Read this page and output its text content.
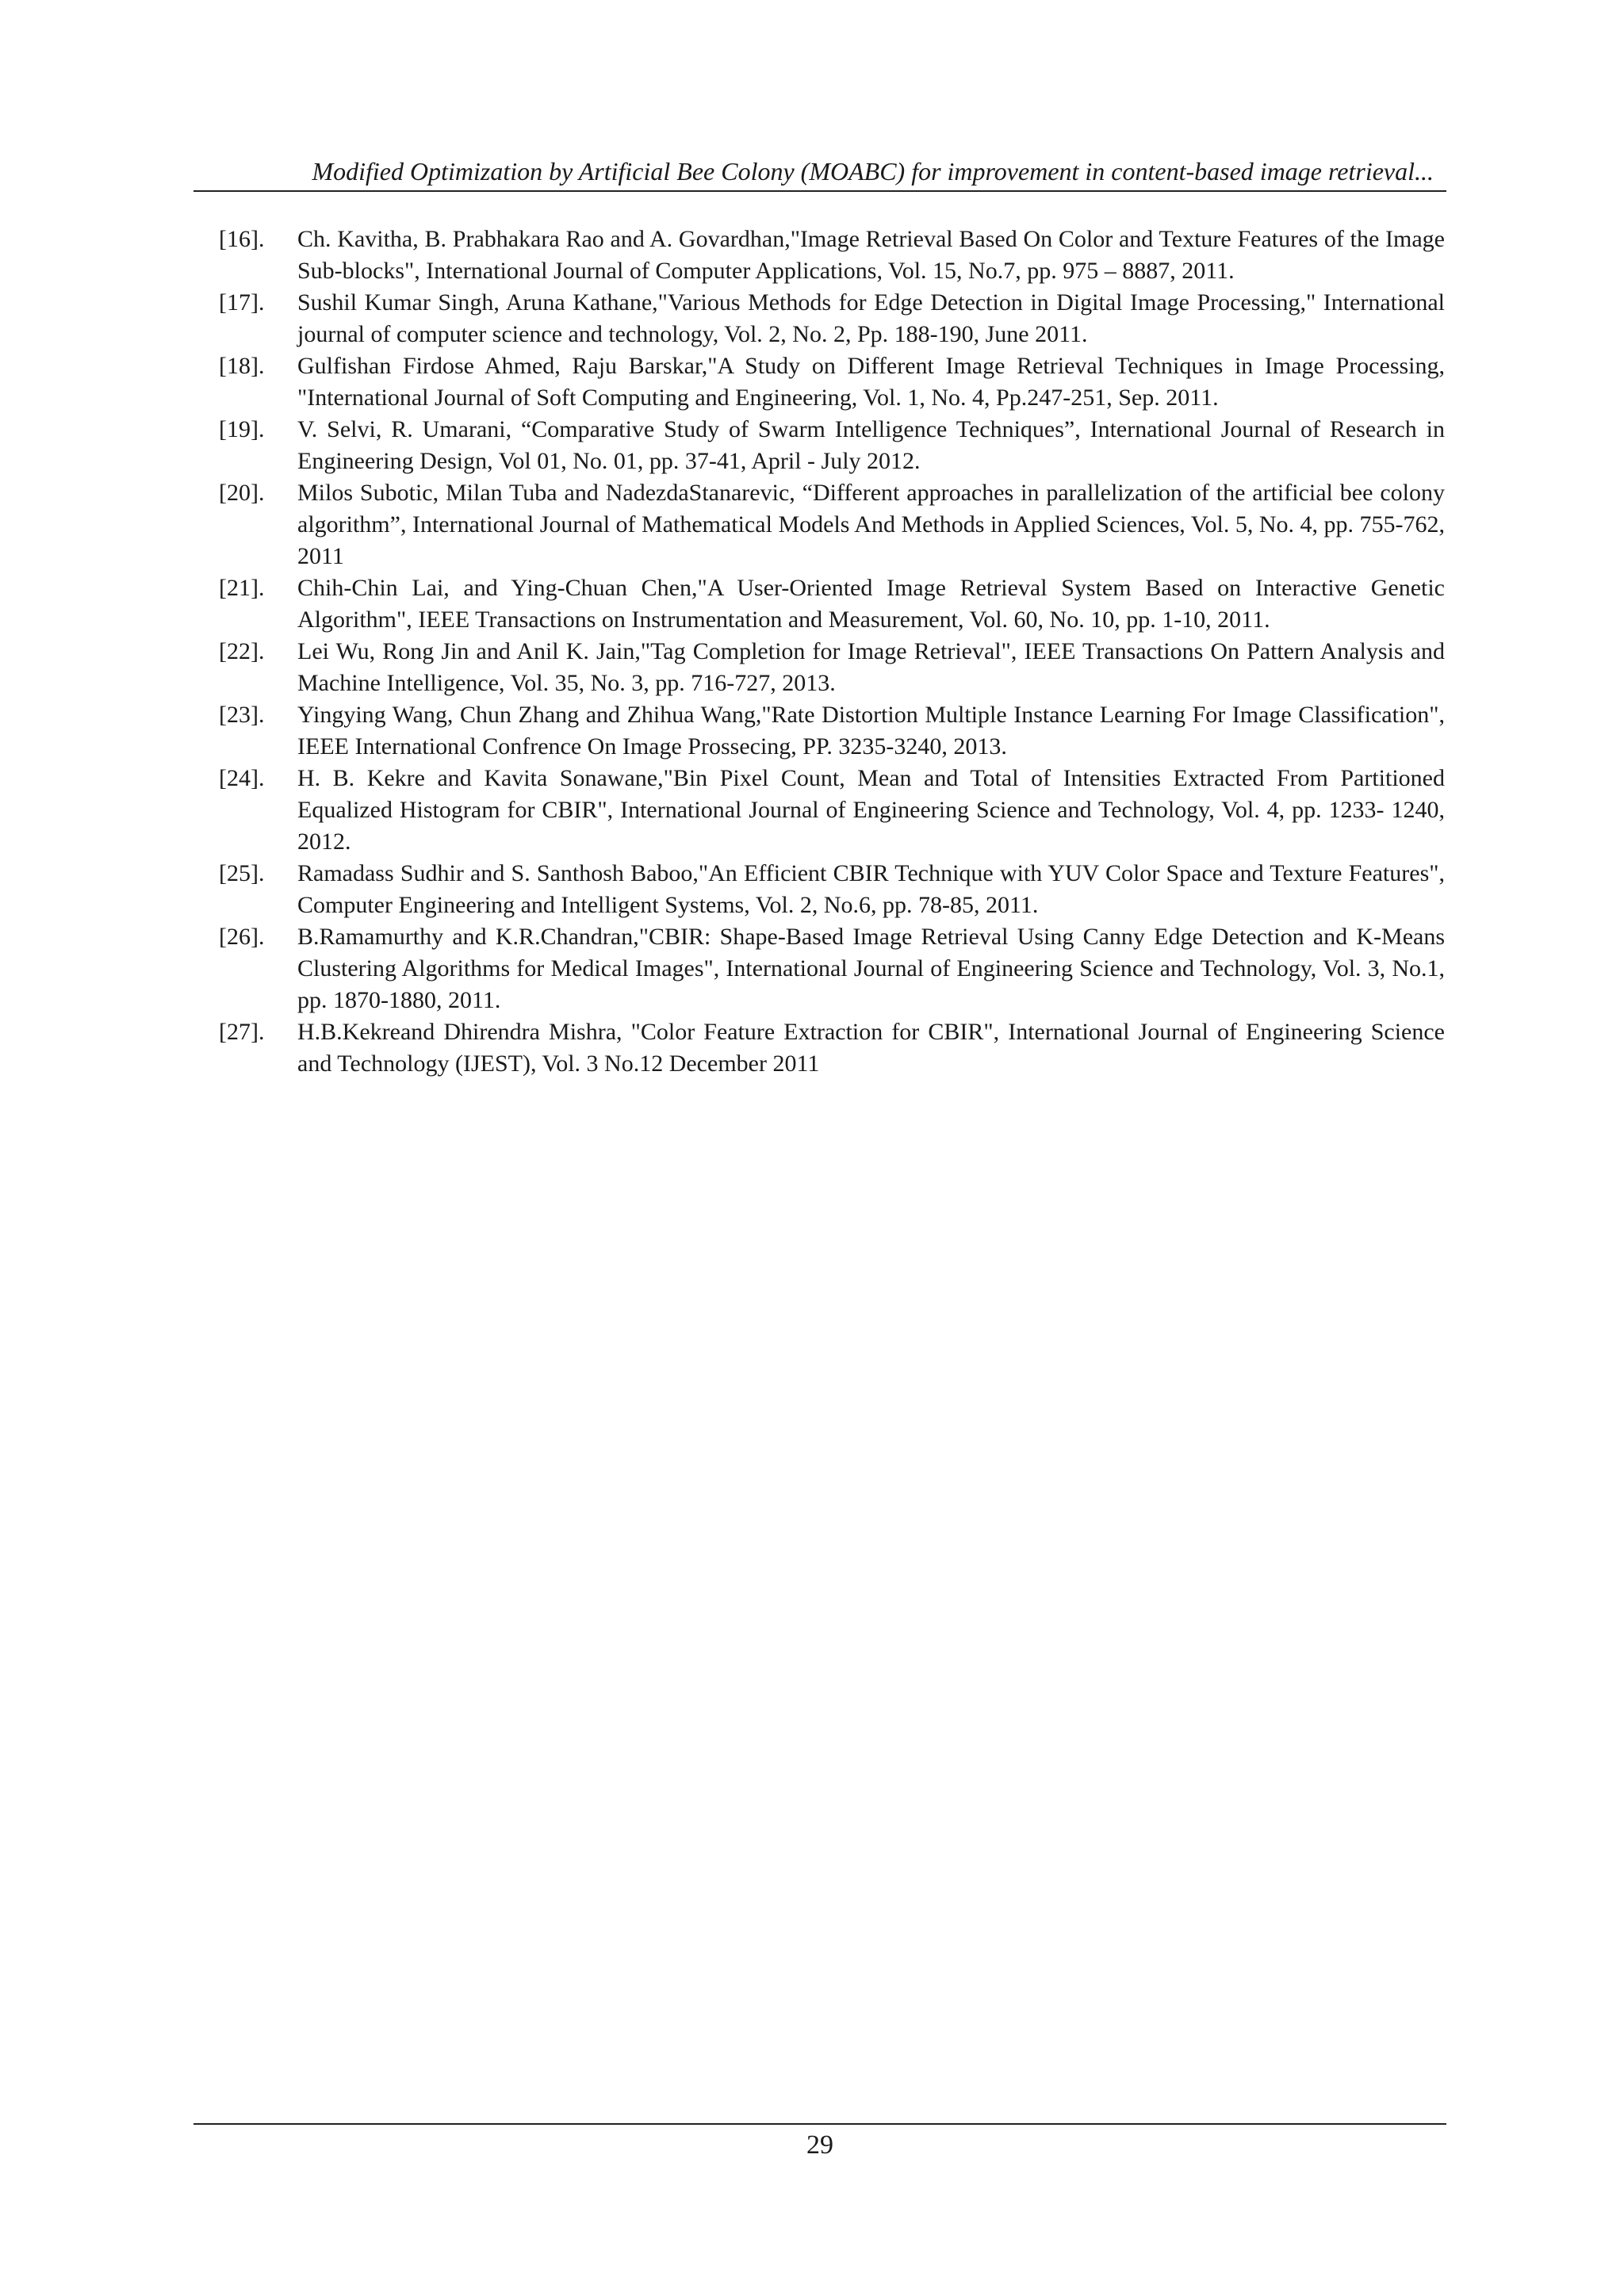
Modified Optimization by Artificial Bee Colony (MOABC) for improvement in content-based image retrieval...
[16].	Ch. Kavitha, B. Prabhakara Rao and A. Govardhan,"Image Retrieval Based On Color and Texture Features of the Image Sub-blocks", International Journal of Computer Applications, Vol. 15, No.7, pp. 975 – 8887, 2011.
[17].	Sushil Kumar Singh, Aruna Kathane,"Various Methods for Edge Detection in Digital Image Processing," International journal of computer science and technology, Vol. 2, No. 2, Pp. 188-190, June 2011.
[18].	Gulfishan Firdose Ahmed, Raju Barskar,"A Study on Different Image Retrieval Techniques in Image Processing, "International Journal of Soft Computing and Engineering, Vol. 1, No. 4, Pp.247-251, Sep. 2011.
[19].	V. Selvi, R. Umarani, “Comparative Study of Swarm Intelligence Techniques”, International Journal of Research in Engineering Design, Vol 01, No. 01, pp. 37-41, April - July 2012.
[20].	Milos Subotic, Milan Tuba and NadezdaStanarevic, “Different approaches in parallelization of the artificial bee colony algorithm”, International Journal of Mathematical Models And Methods in Applied Sciences, Vol. 5, No. 4, pp. 755-762, 2011
[21].	Chih-Chin Lai, and Ying-Chuan Chen,"A User-Oriented Image Retrieval System Based on Interactive Genetic Algorithm", IEEE Transactions on Instrumentation and Measurement, Vol. 60, No. 10, pp. 1-10, 2011.
[22].	Lei Wu, Rong Jin and Anil K. Jain,"Tag Completion for Image Retrieval", IEEE Transactions On Pattern Analysis and Machine Intelligence, Vol. 35, No. 3, pp. 716-727, 2013.
[23].	Yingying Wang, Chun Zhang and Zhihua Wang,"Rate Distortion Multiple Instance Learning For Image Classification", IEEE International Confrence On Image Prossecing, PP. 3235-3240, 2013.
[24].	H. B. Kekre and Kavita Sonawane,"Bin Pixel Count, Mean and Total of Intensities Extracted From Partitioned Equalized Histogram for CBIR", International Journal of Engineering Science and Technology, Vol. 4, pp. 1233- 1240, 2012.
[25].	Ramadass Sudhir and S. Santhosh Baboo,"An Efficient CBIR Technique with YUV Color Space and Texture Features", Computer Engineering and Intelligent Systems, Vol. 2, No.6, pp. 78-85, 2011.
[26].	B.Ramamurthy and K.R.Chandran,"CBIR: Shape-Based Image Retrieval Using Canny Edge Detection and K-Means Clustering Algorithms for Medical Images", International Journal of Engineering Science and Technology, Vol. 3, No.1, pp. 1870-1880, 2011.
[27].	H.B.Kekreand Dhirendra Mishra, "Color Feature Extraction for CBIR", International Journal of Engineering Science and Technology (IJEST), Vol. 3 No.12 December 2011
29
